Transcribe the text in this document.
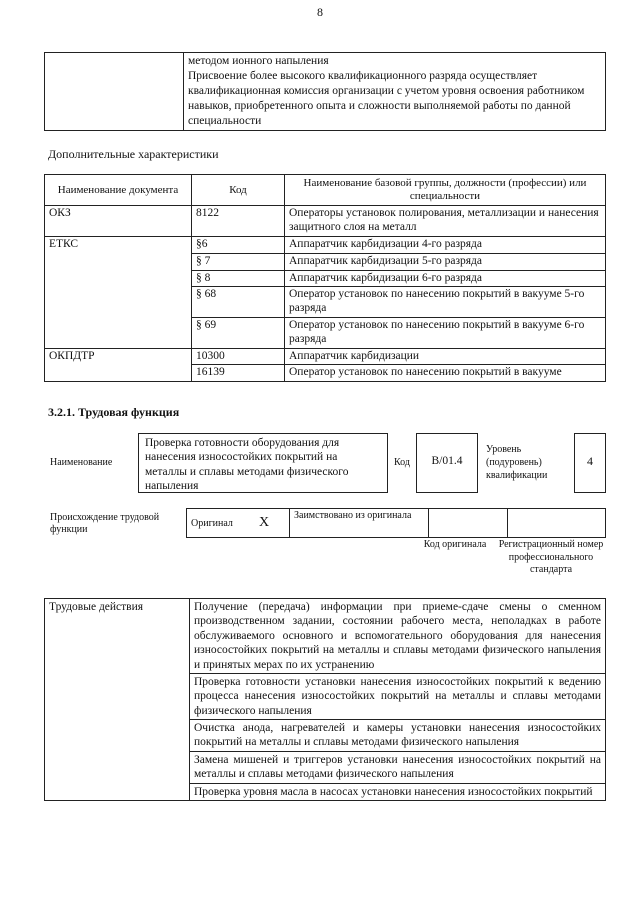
8

методом ионного напыления
Присвоение более высокого квалификационного разряда осуществляет квалификационная комиссия организации с учетом уровня освоения работником навыков, приобретенного опыта и сложности выполняемой работы по данной специальности
Дополнительные характеристики
Наименование документа	Код	Наименование базовой группы, должности (профессии) или специальности
ОКЗ	8122	Операторы установок полирования, металлизации и нанесения защитного слоя на металл
ЕТКС	§6	Аппаратчик карбидизации 4-го разряда
	§ 7	Аппаратчик карбидизации 5-го разряда
	§ 8	Аппаратчик карбидизации 6-го разряда
	§ 68	Оператор установок по нанесению покрытий в вакууме 5-го разряда
	§ 69	Оператор установок по нанесению покрытий в вакууме 6-го разряда
ОКПДТР	10300	Аппаратчик карбидизации
	16139	Оператор установок по нанесению покрытий в вакууме
3.2.1. Трудовая функция
Наименование
Проверка готовности оборудования для нанесения износостойких покрытий на металлы и сплавы методами физического напыления
Код	B/01.4
Уровень (подуровень) квалификации
4
Происхождение трудовой функции
Оригинал	X	Заимствовано из оригинала		
Код оригинала	Регистрационный номер профессионального стандарта
Трудовые действия	Получение (передача) информации при приеме-сдаче смены о сменном производственном задании, состоянии рабочего места, неполадках в работе обслуживаемого основного и вспомогательного оборудования для нанесения износостойких покрытий на металлы и сплавы методами физического напыления и принятых мерах по их устранению
Проверка готовности установки нанесения износостойких покрытий к ведению процесса нанесения износостойких покрытий на металлы и сплавы методами физического напыления
Очистка анода, нагревателей и камеры установки нанесения износостойких покрытий на металлы и сплавы методами физического напыления
Замена мишеней и триггеров установки нанесения износостойких покрытий на металлы и сплавы методами физического напыления
Проверка уровня масла в насосах установки нанесения износостойких покрытий
